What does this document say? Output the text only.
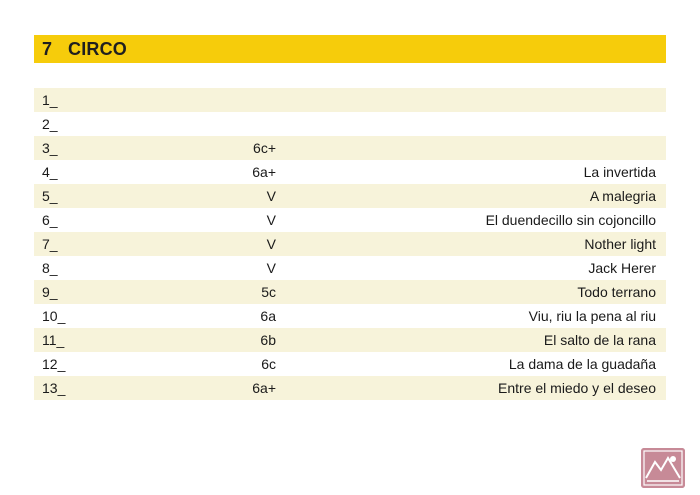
7 CIRCO
1_
2_
3_	6c+
4_	6a+	La invertida
5_	V	A malegria
6_	V	El duendecillo sin cojoncillo
7_	V	Nother light
8_	V	Jack Herer
9_	5c	Todo terrano
10_	6a	Viu, riu la pena al riu
11_	6b	El salto de la rana
12_	6c	La dama de la guadaña
13_	6a+	Entre el miedo y el deseo
